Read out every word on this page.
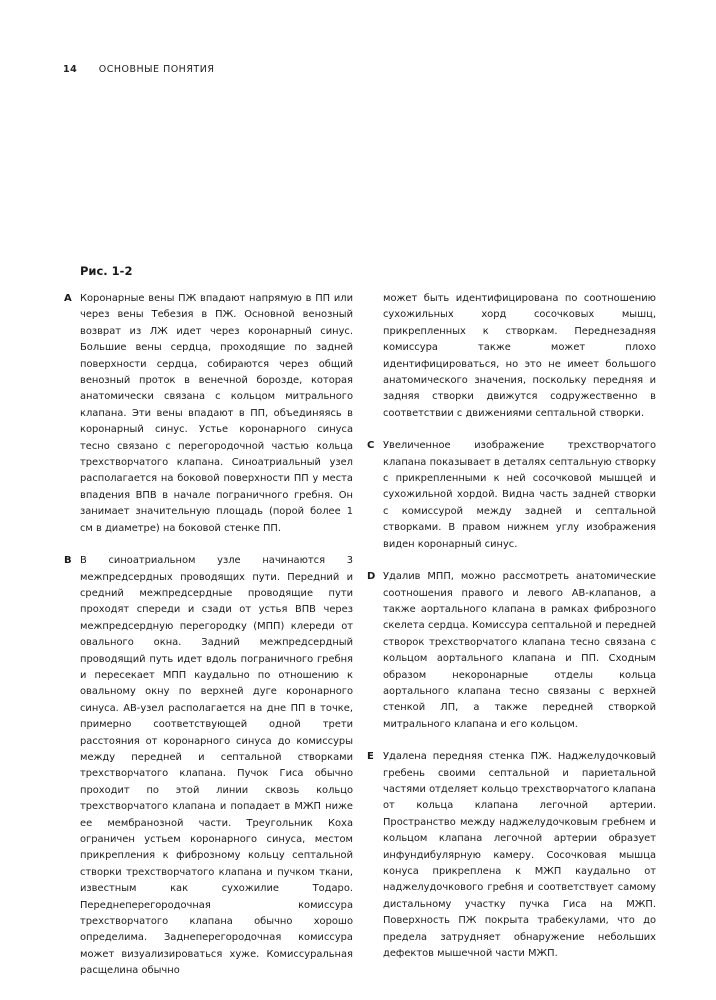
14 ОСНОВНЫЕ ПОНЯТИЯ
Рис. 1-2
A Коронарные вены ПЖ впадают напрямую в ПП или через вены Тебезия в ПЖ. Основной венозный возврат из ЛЖ идет через коронарный синус. Большие вены сердца, проходящие по задней поверхности сердца, собираются через общий венозный проток в венечной борозде, которая анатомически связана с кольцом митрального клапана. Эти вены впадают в ПП, объединяясь в коронарный синус. Устье коронарного синуса тесно связано с перегородочной частью кольца трехстворчатого клапана. Синоатриальный узел располагается на боковой поверхности ПП у места впадения ВПВ в начале пограничного гребня. Он занимает значительную площадь (порой более 1 см в диаметре) на боковой стенке ПП.
B В синоатриальном узле начинаются 3 межпредсердных проводящих пути. Передний и средний межпредсердные проводящие пути проходят спереди и сзади от устья ВПВ через межпредсердную перегородку (МПП) клереди от овального окна. Задний межпредсердный проводящий путь идет вдоль пограничного гребня и пересекает МПП каудально по отношению к овальному окну по верхней дуге коронарного синуса. АВ-узел располагается на дне ПП в точке, примерно соответствующей одной трети расстояния от коронарного синуса до комиссуры между передней и септальной створками трехстворчатого клапана. Пучок Гиса обычно проходит по этой линии сквозь кольцо трехстворчатого клапана и попадает в МЖП ниже ее мембранозной части. Треугольник Коха ограничен устьем коронарного синуса, местом прикрепления к фиброзному кольцу септальной створки трехстворчатого клапана и пучком ткани, известным как сухожилие Тодаро. Переднеперегородочная комиссура трехстворчатого клапана обычно хорошо определима. Заднеперегородочная комиссура может визуализироваться хуже. Комиссуральная расщелина обычно
может быть идентифицирована по соотношению сухожильных хорд сосочковых мышц, прикрепленных к створкам. Переднезадняя комиссура также может плохо идентифицироваться, но это не имеет большого анатомического значения, поскольку передняя и задняя створки движутся содружественно в соответствии с движениями септальной створки.
C Увеличенное изображение трехстворчатого клапана показывает в деталях септальную створку с прикрепленными к ней сосочковой мышцей и сухожильной хордой. Видна часть задней створки с комиссурой между задней и септальной створками. В правом нижнем углу изображения виден коронарный синус.
D Удалив МПП, можно рассмотреть анатомические соотношения правого и левого АВ-клапанов, а также аортального клапана в рамках фиброзного скелета сердца. Комиссура септальной и передней створок трехстворчатого клапана тесно связана с кольцом аортального клапана и ПП. Сходным образом некоронарные отделы кольца аортального клапана тесно связаны с верхней стенкой ЛП, а также передней створкой митрального клапана и его кольцом.
E Удалена передняя стенка ПЖ. Наджелудочковый гребень своими септальной и париетальной частями отделяет кольцо трехстворчатого клапана от кольца клапана легочной артерии. Пространство между наджелудочковым гребнем и кольцом клапана легочной артерии образует инфундибулярную камеру. Сосочковая мышца конуса прикреплена к МЖП каудально от наджелудочкового гребня и соответствует самому дистальному участку пучка Гиса на МЖП. Поверхность ПЖ покрыта трабекулами, что до предела затрудняет обнаружение небольших дефектов мышечной части МЖП.
